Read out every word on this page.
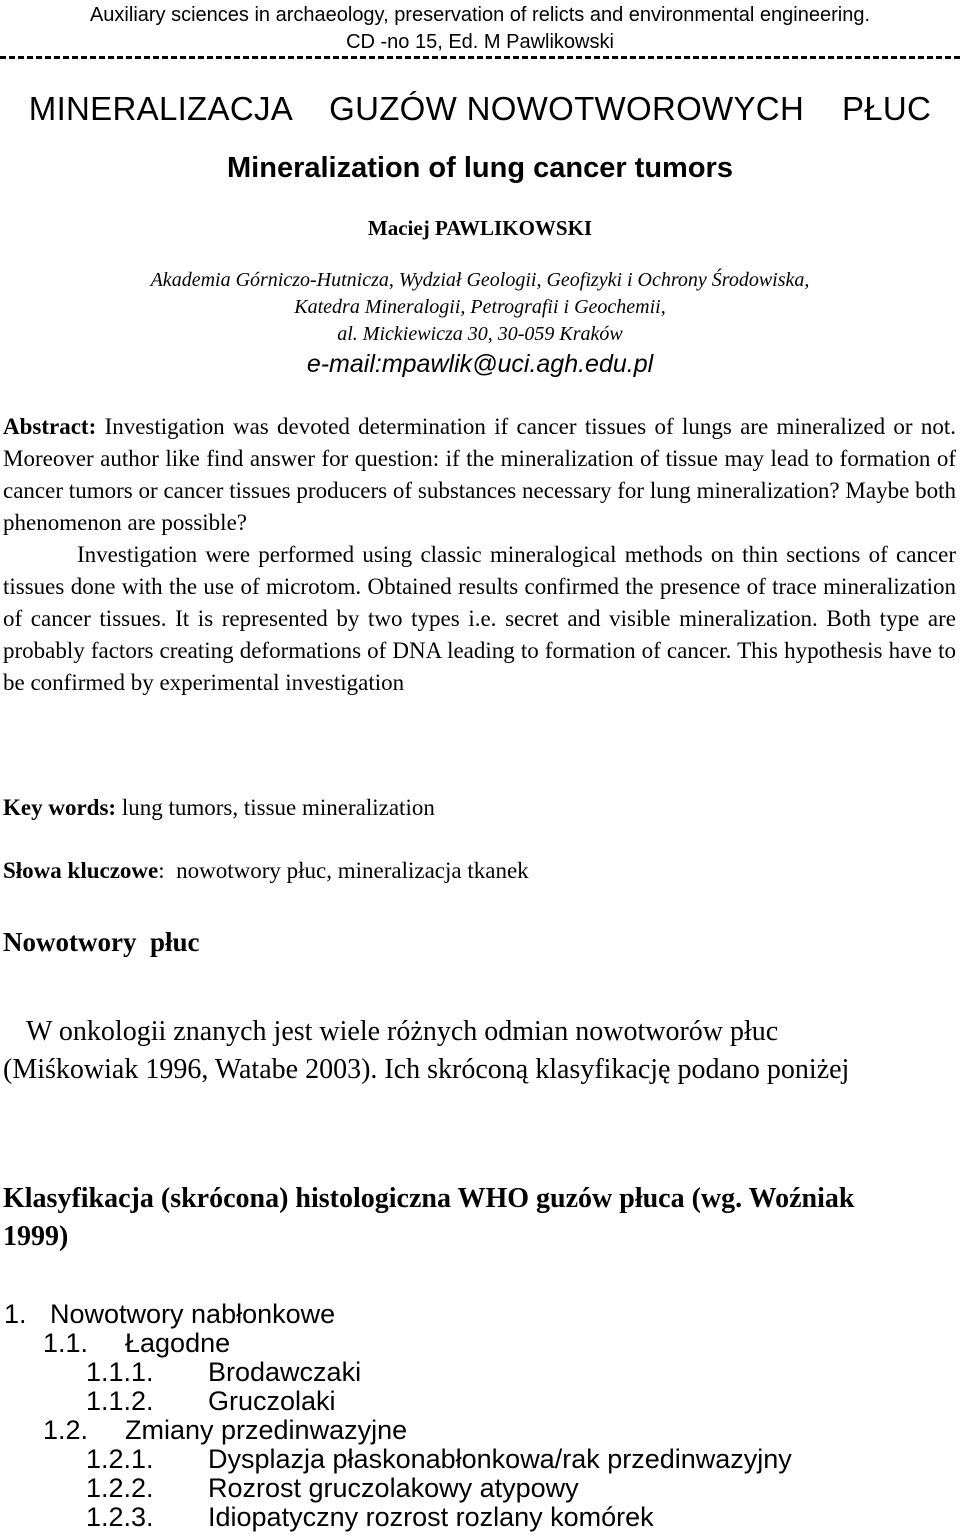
Auxiliary sciences in archaeology, preservation of relicts and environmental engineering.
CD -no 15, Ed. M Pawlikowski
MINERALIZACJA    GUZÓW NOWOTWOROWYCH    PŁUC
Mineralization of lung cancer tumors
Maciej PAWLIKOWSKI
Akademia Górniczo-Hutnicza, Wydział Geologii, Geofizyki i Ochrony Środowiska,
Katedra Mineralogii, Petrografii i Geochemii,
al. Mickiewicza 30, 30-059 Kraków
e-mail:mpawlik@uci.agh.edu.pl

Abstract: Investigation was devoted determination if cancer tissues of lungs are mineralized or not. Moreover author like find answer for question: if the mineralization of tissue may lead to formation of cancer tumors or cancer tissues producers of substances necessary for lung mineralization? Maybe both phenomenon are possible?

Investigation were performed using classic mineralogical methods on thin sections of cancer tissues done with the use of microtom. Obtained results confirmed the presence of trace mineralization of cancer tissues. It is represented by two types i.e. secret and visible mineralization. Both type are probably factors creating deformations of DNA leading to formation of cancer. This hypothesis have to be confirmed by experimental investigation

Key words: lung tumors, tissue mineralization
Słowa kluczowe:  nowotwory płuc, mineralizacja tkanek
Nowotwory  płuc
W onkologii znanych jest wiele różnych odmian nowotworów płuc (Miśkowiak 1996, Watabe 2003). Ich skróconą klasyfikację podano poniżej
Klasyfikacja (skrócona) histologiczna WHO guzów płuca (wg. Woźniak 1999)
1. Nowotwory nabłonkowe
1.1. Łagodne
1.1.1. Brodawczaki
1.1.2. Gruczolaki
1.2. Zmiany przedinwazyjne
1.2.1. Dysplazja płaskonabłonkowa/rak przedinwazyjny
1.2.2. Rozrost gruczolakowy atypowy
1.2.3. Idiopatyczny rozrost rozlany komórek
